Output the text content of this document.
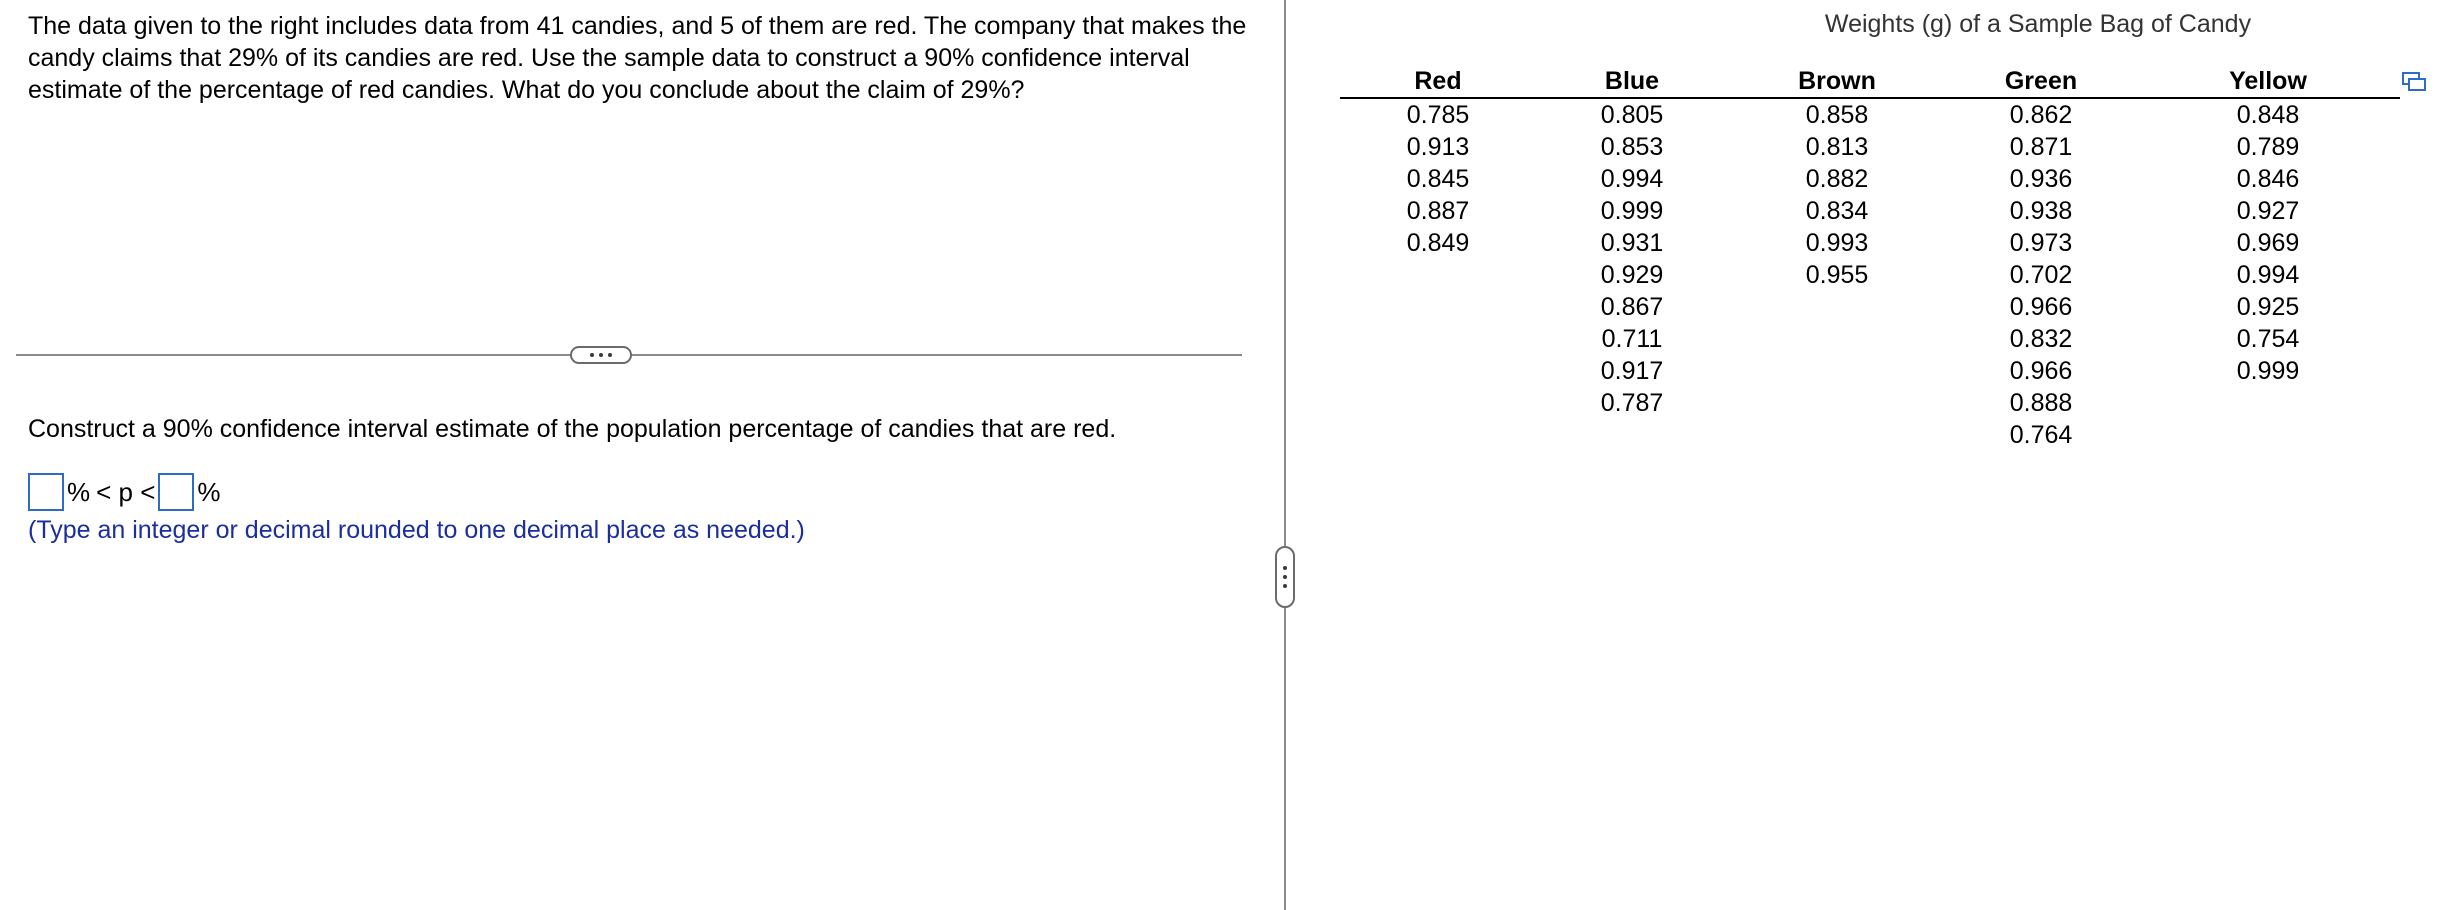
The data given to the right includes data from 41 candies, and 5 of them are red. The company that makes the candy claims that 29% of its candies are red. Use the sample data to construct a 90% confidence interval estimate of the percentage of red candies. What do you conclude about the claim of 29%?

Construct a 90% confidence interval estimate of the population percentage of candies that are red.

% < p < %

(Type an integer or decimal rounded to one decimal place as needed.)

Weights (g) of a Sample Bag of Candy
Red	Blue	Brown	Green	Yellow
0.785	0.805	0.858	0.862	0.848
0.913	0.853	0.813	0.871	0.789
0.845	0.994	0.882	0.936	0.846
0.887	0.999	0.834	0.938	0.927
0.849	0.931	0.993	0.973	0.969
	0.929	0.955	0.702	0.994
	0.867		0.966	0.925
	0.711		0.832	0.754
	0.917		0.966	0.999
	0.787		0.888	
			0.764	
